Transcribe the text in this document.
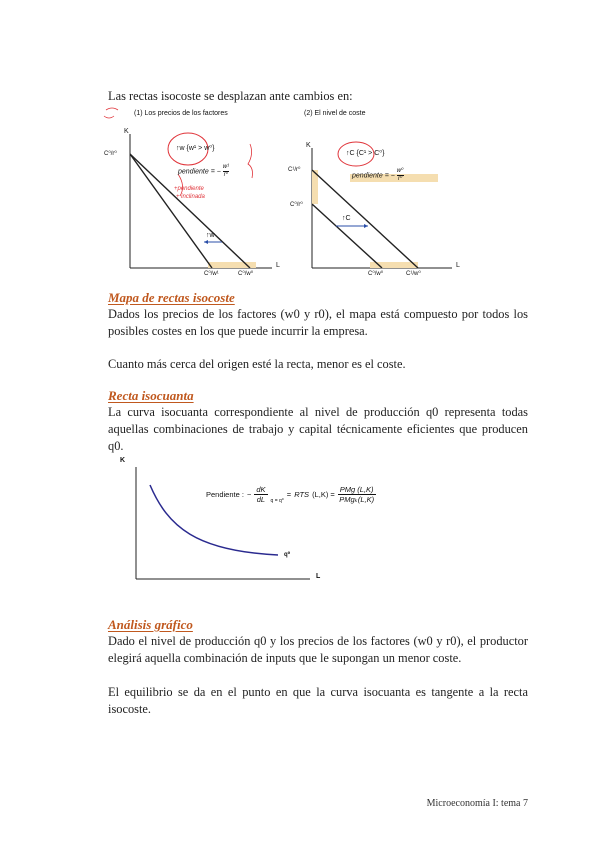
Las rectas isocoste se desplazan ante cambios en:
(1) Los precios de los factores
K
L
C⁰/r⁰
C⁰/w¹	C⁰/w⁰
↑w {w¹ > w⁰}
pendiente = − $\frac{\text{w¹}}{\text{r⁰}}$
↑w
+pendiente
+ inclinada
(2) El nivel de coste
K
L
C¹/r⁰
C⁰/r⁰
C⁰/w⁰	C¹/w⁰
↑C {C¹ > C⁰}
pendiente = − $\frac{\text{w⁰}}{\text{r⁰}}$
↑C
Mapa de rectas isocoste
Dados los precios de los factores (w0 y r0), el mapa está compuesto por todos los posibles costes en los que puede incurrir la empresa.
Cuanto más cerca del origen esté la recta, menor es el coste.
Recta isocuanta
La curva isocuanta correspondiente al nivel de producción q0 representa todas aquellas combinaciones de trabajo y capital técnicamente eficientes que producen q0.
K
L
q⁰
Pendiente : − $\frac{dK}{dL}$ q = q⁰
= RTS (L,K) =
PMg (L,K)
PMgₖ(L,K)
Análisis gráfico
Dado el nivel de producción q0 y los precios de los factores (w0 y r0), el productor elegirá aquella combinación de inputs que le supongan un menor coste.
El equilibrio se da en el punto en que la curva isocuanta es tangente a la recta isocoste.
Microeconomía I: tema 7
